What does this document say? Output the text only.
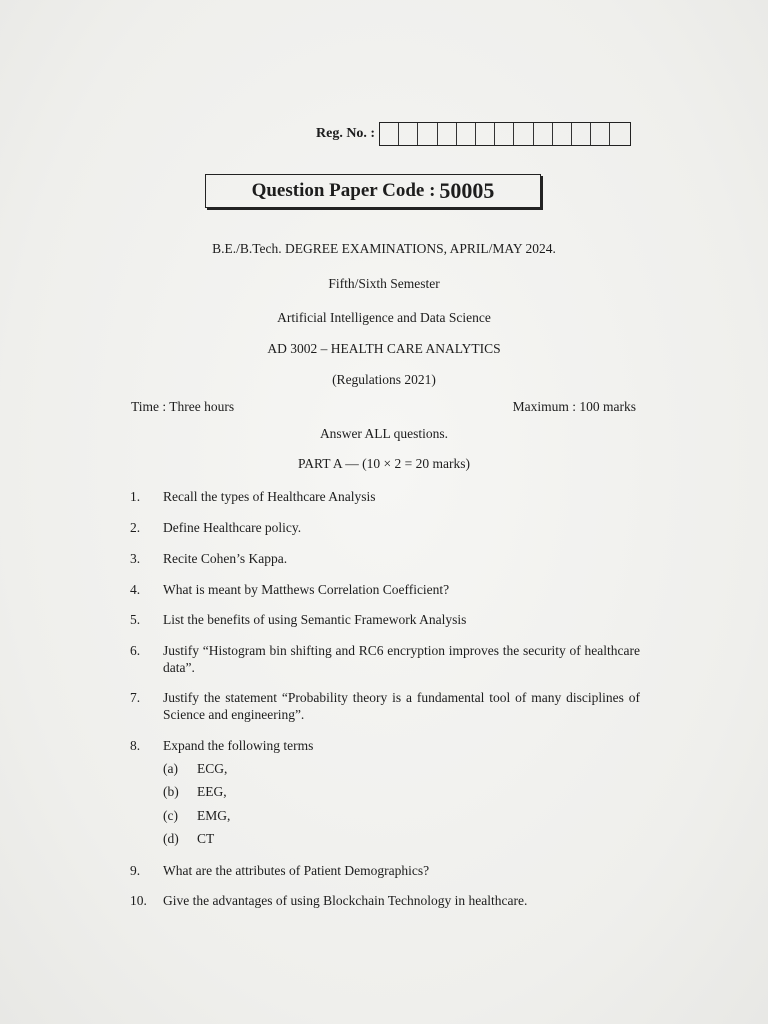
Reg. No. :
Question Paper Code : 50005
B.E./B.Tech. DEGREE EXAMINATIONS, APRIL/MAY 2024.
Fifth/Sixth Semester
Artificial Intelligence and Data Science
AD 3002 – HEALTH CARE ANALYTICS
(Regulations 2021)
Time : Three hours	Maximum : 100 marks
Answer ALL questions.
PART A — (10 × 2 = 20 marks)
1.	Recall the types of Healthcare Analysis
2.	Define Healthcare policy.
3.	Recite Cohen’s Kappa.
4.	What is meant by Matthews Correlation Coefficient?
5.	List the benefits of using Semantic Framework Analysis
6.	Justify “Histogram bin shifting and RC6 encryption improves the security of healthcare data”.
7.	Justify the statement “Probability theory is a fundamental tool of many disciplines of Science and engineering”.
8.	Expand the following terms
(a)	ECG,
(b)	EEG,
(c)	EMG,
(d)	CT
9.	What are the attributes of Patient Demographics?
10.	Give the advantages of using Blockchain Technology in healthcare.
